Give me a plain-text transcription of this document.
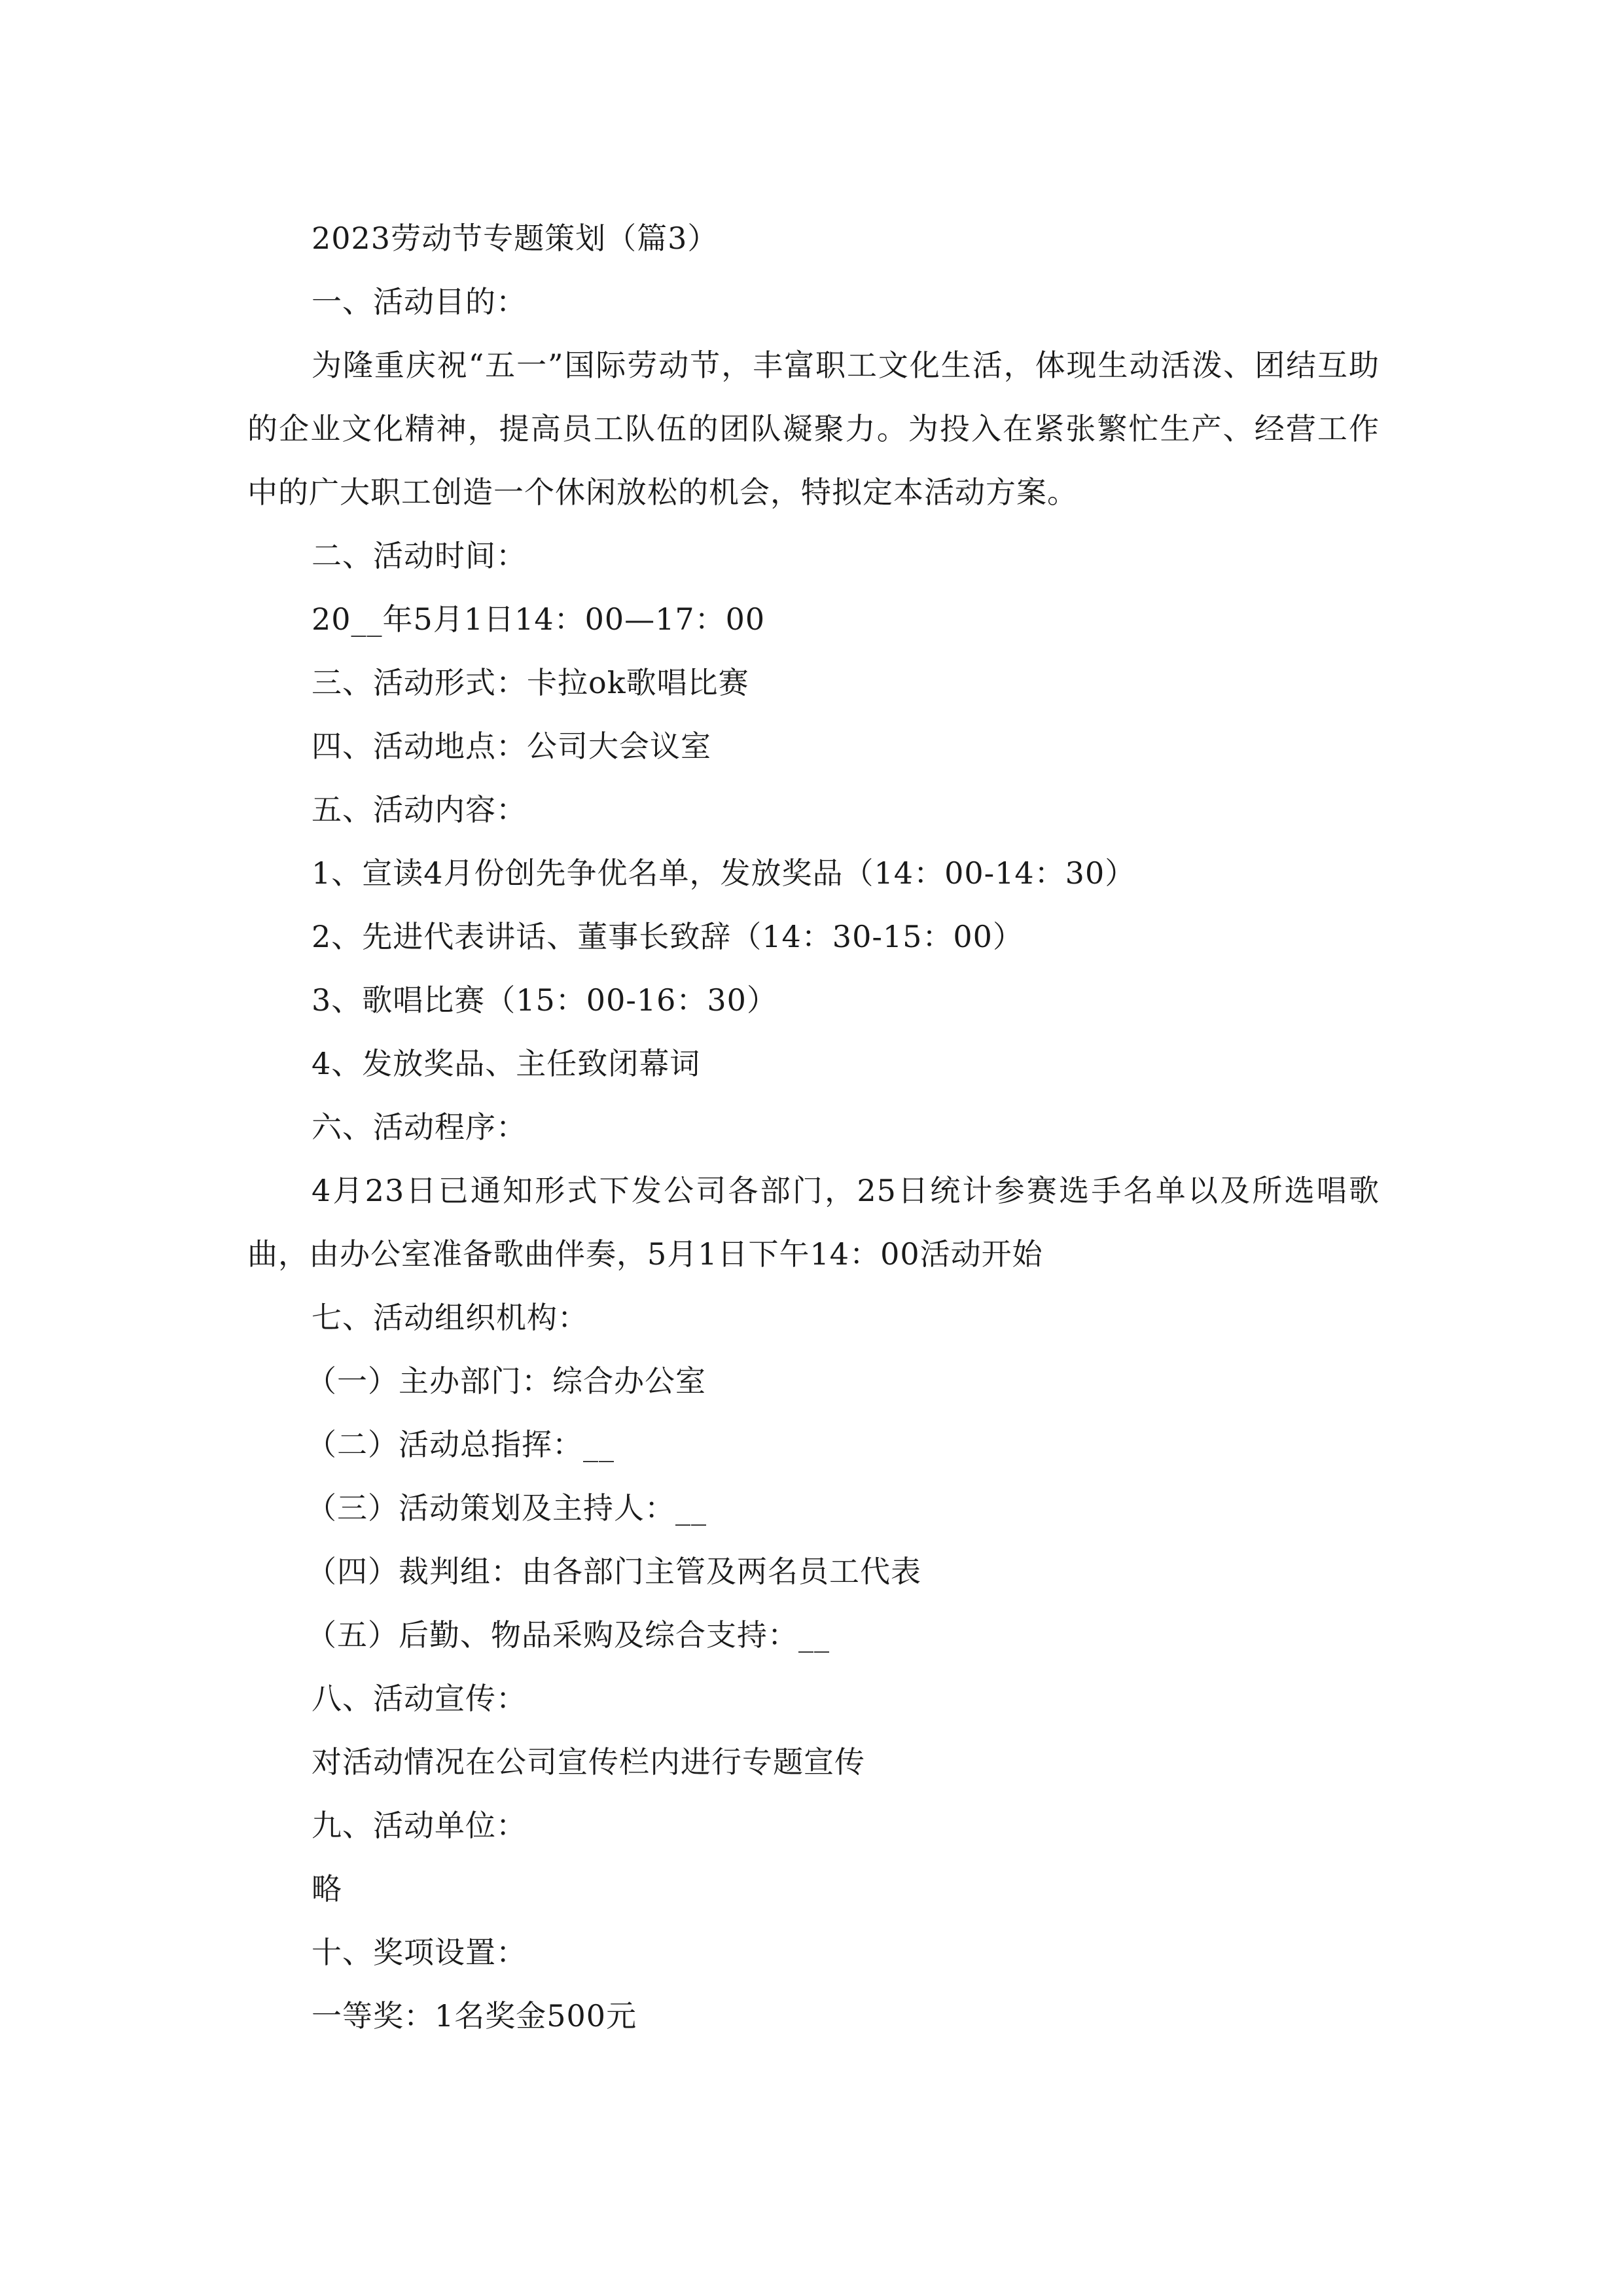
2023劳动节专题策划（篇3）
一、活动目的：
为隆重庆祝“五一”国际劳动节，丰富职工文化生活，体现生动活泼、团结互助的企业文化精神，提高员工队伍的团队凝聚力。为投入在紧张繁忙生产、经营工作中的广大职工创造一个休闲放松的机会，特拟定本活动方案。
二、活动时间：
20__年5月1日14：00—17：00
三、活动形式：卡拉ok歌唱比赛
四、活动地点：公司大会议室
五、活动内容：
1、宣读4月份创先争优名单，发放奖品（14：00-14：30）
2、先进代表讲话、董事长致辞（14：30-15：00）
3、歌唱比赛（15：00-16：30）
4、发放奖品、主任致闭幕词
六、活动程序：
4月23日已通知形式下发公司各部门，25日统计参赛选手名单以及所选唱歌曲，由办公室准备歌曲伴奏，5月1日下午14：00活动开始
七、活动组织机构：
（一）主办部门：综合办公室
（二）活动总指挥：__
（三）活动策划及主持人：__
（四）裁判组：由各部门主管及两名员工代表
（五）后勤、物品采购及综合支持：__
八、活动宣传：
对活动情况在公司宣传栏内进行专题宣传
九、活动单位：
略
十、奖项设置：
一等奖：1名奖金500元
